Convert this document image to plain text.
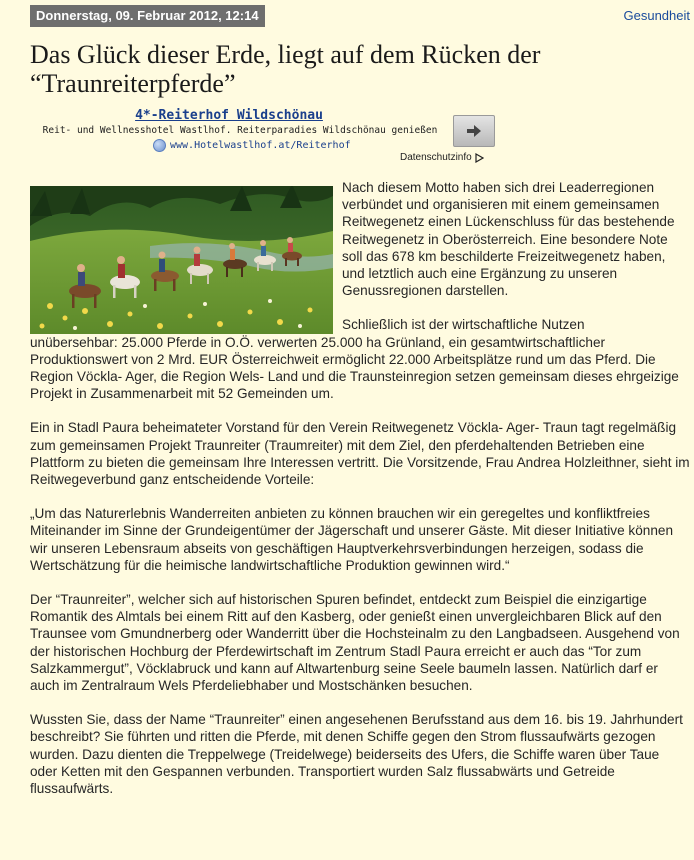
Donnerstag, 09. Februar 2012, 12:14	Gesundheit
Das Glück dieser Erde, liegt auf dem Rücken der “Traunreiterpferde”
4*-Reiterhof Wildschönau
Reit- und Wellnesshotel Wastlhof. Reiterparadies Wildschönau genießen
www.Hotelwastlhof.at/Reiterhof
Datenschutzinfo

Nach diesem Motto haben sich drei Leaderregionen verbündet und organisieren mit einem gemeinsamen Reitwegenetz einen Lückenschluss für das bestehende Reitwegenetz in Oberösterreich. Eine besondere Note soll das 678 km beschilderte Freizeitwegenetz haben, und letztlich auch eine Ergänzung zu unseren Genussregionen darstellen.

Schließlich ist der wirtschaftliche Nutzen

unübersehbar: 25.000 Pferde in O.Ö. verwerten 25.000 ha Grünland, ein gesamtwirtschaftlicher Produktionswert von 2 Mrd. EUR Österreichweit ermöglicht 22.000 Arbeitsplätze rund um das Pferd. Die Region Vöckla- Ager, die Region Wels- Land und die Traunsteinregion setzen gemeinsam dieses ehrgeizige Projekt in Zusammenarbeit mit 52 Gemeinden um.

Ein in Stadl Paura beheimateter Vorstand für den Verein Reitwegenetz Vöckla- Ager- Traun tagt regelmäßig zum gemeinsamen Projekt Traunreiter (Traumreiter) mit dem Ziel, den pferdehaltenden Betrieben eine Plattform zu bieten die gemeinsam Ihre Interessen vertritt. Die Vorsitzende, Frau Andrea Holzleithner, sieht im Reitwegeverbund ganz entscheidende Vorteile:

„Um das Naturerlebnis Wanderreiten anbieten zu können brauchen wir ein geregeltes und konfliktfreies Miteinander im Sinne der Grundeigentümer der Jägerschaft und unserer Gäste. Mit dieser Initiative können wir unseren Lebensraum abseits von geschäftigen Hauptverkehrsverbindungen herzeigen, sodass die Wertschätzung für die heimische landwirtschaftliche Produktion gewinnen wird.“

Der “Traunreiter”, welcher sich auf historischen Spuren befindet, entdeckt zum Beispiel die einzigartige Romantik des Almtals bei einem Ritt auf den Kasberg, oder genießt einen unvergleichbaren Blick auf den Traunsee vom Gmundnerberg oder Wanderritt über die Hochsteinalm zu den Langbadseen. Ausgehend von der historischen Hochburg der Pferdewirtschaft im Zentrum Stadl Paura erreicht er auch das “Tor zum Salzkammergut”, Vöcklabruck und kann auf Altwartenburg seine Seele baumeln lassen. Natürlich darf er auch im Zentralraum Wels Pferdeliebhaber und Mostschänken besuchen.

Wussten Sie, dass der Name “Traunreiter” einen angesehenen Berufsstand aus dem 16. bis 19. Jahrhundert beschreibt? Sie führten und ritten die Pferde, mit denen Schiffe gegen den Strom flussaufwärts gezogen wurden. Dazu dienten die Treppelwege (Treidelwege) beiderseits des Ufers, die Schiffe waren über Taue oder Ketten mit den Gespannen verbunden. Transportiert wurden Salz flussabwärts und Getreide flussaufwärts.
